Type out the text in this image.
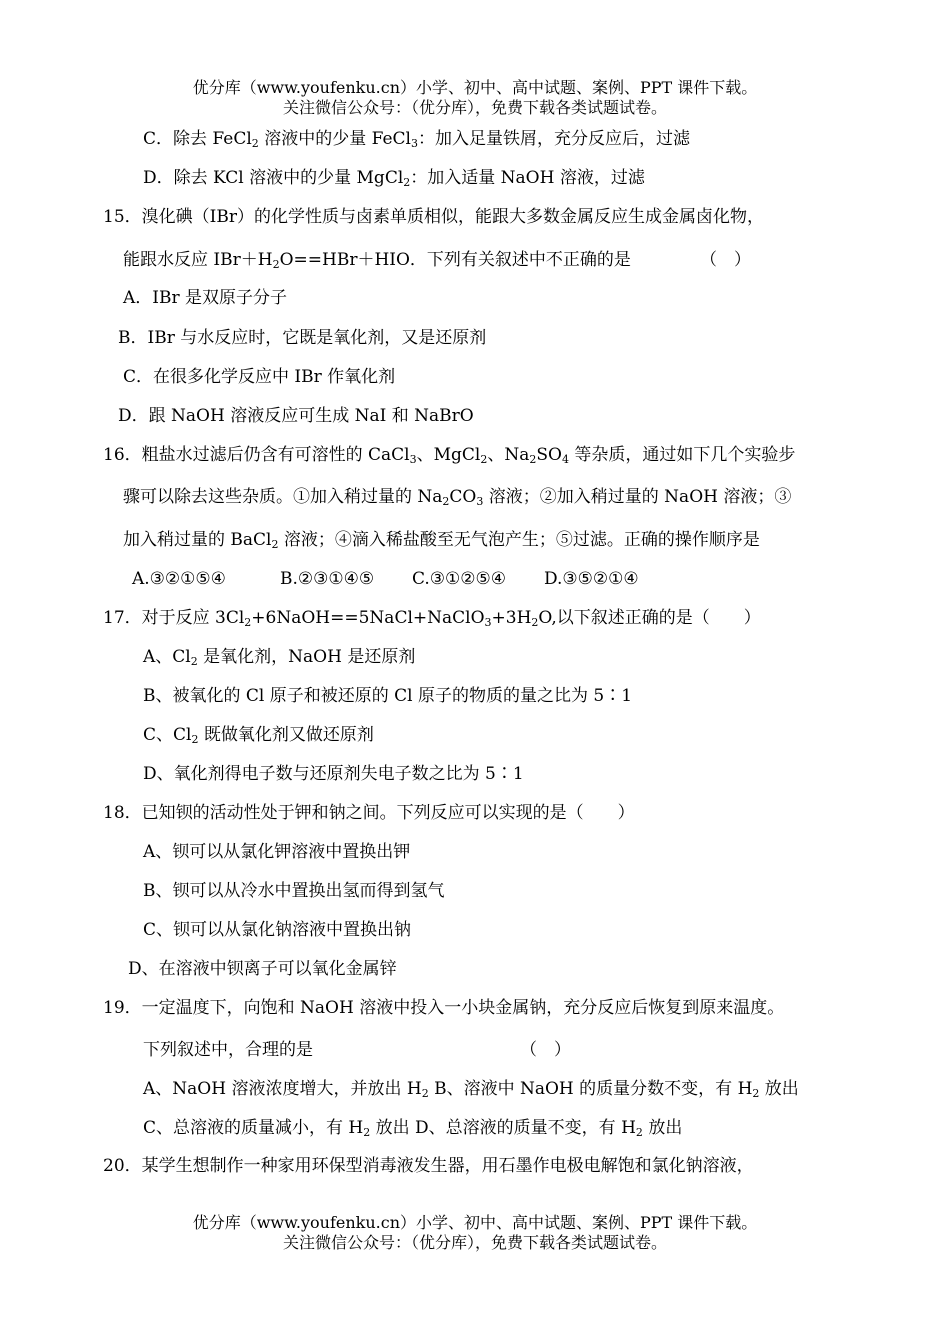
优分库（www.youfenku.cn）小学、初中、高中试题、案例、PPT 课件下载。
关注微信公众号：（优分库），免费下载各类试题试卷。
C．除去 FeCl$_2$ 溶液中的少量 FeCl$_3$：加入足量铁屑，充分反应后，过滤
D．除去 KCl 溶液中的少量 MgCl$_2$：加入适量 NaOH 溶液，过滤
15．溴化碘（IBr）的化学性质与卤素单质相似，能跟大多数金属反应生成金属卤化物，
能跟水反应 $IBr+H_2O==HBr+HIO$．下列有关叙述中不正确的是	（　）
A．IBr 是双原子分子
B．IBr 与水反应时，它既是氧化剂，又是还原剂
C．在很多化学反应中 IBr 作氧化剂
D．跟 NaOH 溶液反应可生成 NaI 和 NaBrO
16．粗盐水过滤后仍含有可溶性的 CaCl$_3$、MgCl$_2$、$Na_2SO_4$ 等杂质，通过如下几个实验步
骤可以除去这些杂质。①加入稍过量的 $Na_2CO_3$ 溶液；②加入稍过量的 NaOH 溶液；③
加入稍过量的 BaCl$_2$ 溶液；④滴入稀盐酸至无气泡产生；⑤过滤。正确的操作顺序是
A.③②①⑤④	B.②③①④⑤ C.③①②⑤④ D.③⑤②①④
17．对于反应 $3Cl_2+6NaOH==5NaCl+NaClO_3+3H_2O$,以下叙述正确的是（　　）
A、$Cl_2$ 是氧化剂，NaOH 是还原剂
B、被氧化的 Cl 原子和被还原的 Cl 原子的物质的量之比为 5∶1
C、$Cl_2$ 既做氧化剂又做还原剂
D、氧化剂得电子数与还原剂失电子数之比为 5∶1
18．已知钡的活动性处于钾和钠之间。下列反应可以实现的是（　　）
A、钡可以从氯化钾溶液中置换出钾
B、钡可以从冷水中置换出氢而得到氢气
C、钡可以从氯化钠溶液中置换出钠
D、在溶液中钡离子可以氧化金属锌
19．一定温度下，向饱和 NaOH 溶液中投入一小块金属钠，充分反应后恢复到原来温度。
下列叙述中，合理的是	（　）
A、NaOH 溶液浓度增大，并放出 $H_2$ B、溶液中 NaOH 的质量分数不变，有 $H_2$ 放出
C、总溶液的质量减小，有 $H_2$ 放出 D、总溶液的质量不变，有 $H_2$ 放出
20．某学生想制作一种家用环保型消毒液发生器，用石墨作电极电解饱和氯化钠溶液，
优分库（www.youfenku.cn）小学、初中、高中试题、案例、PPT 课件下载。
关注微信公众号：（优分库），免费下载各类试题试卷。
